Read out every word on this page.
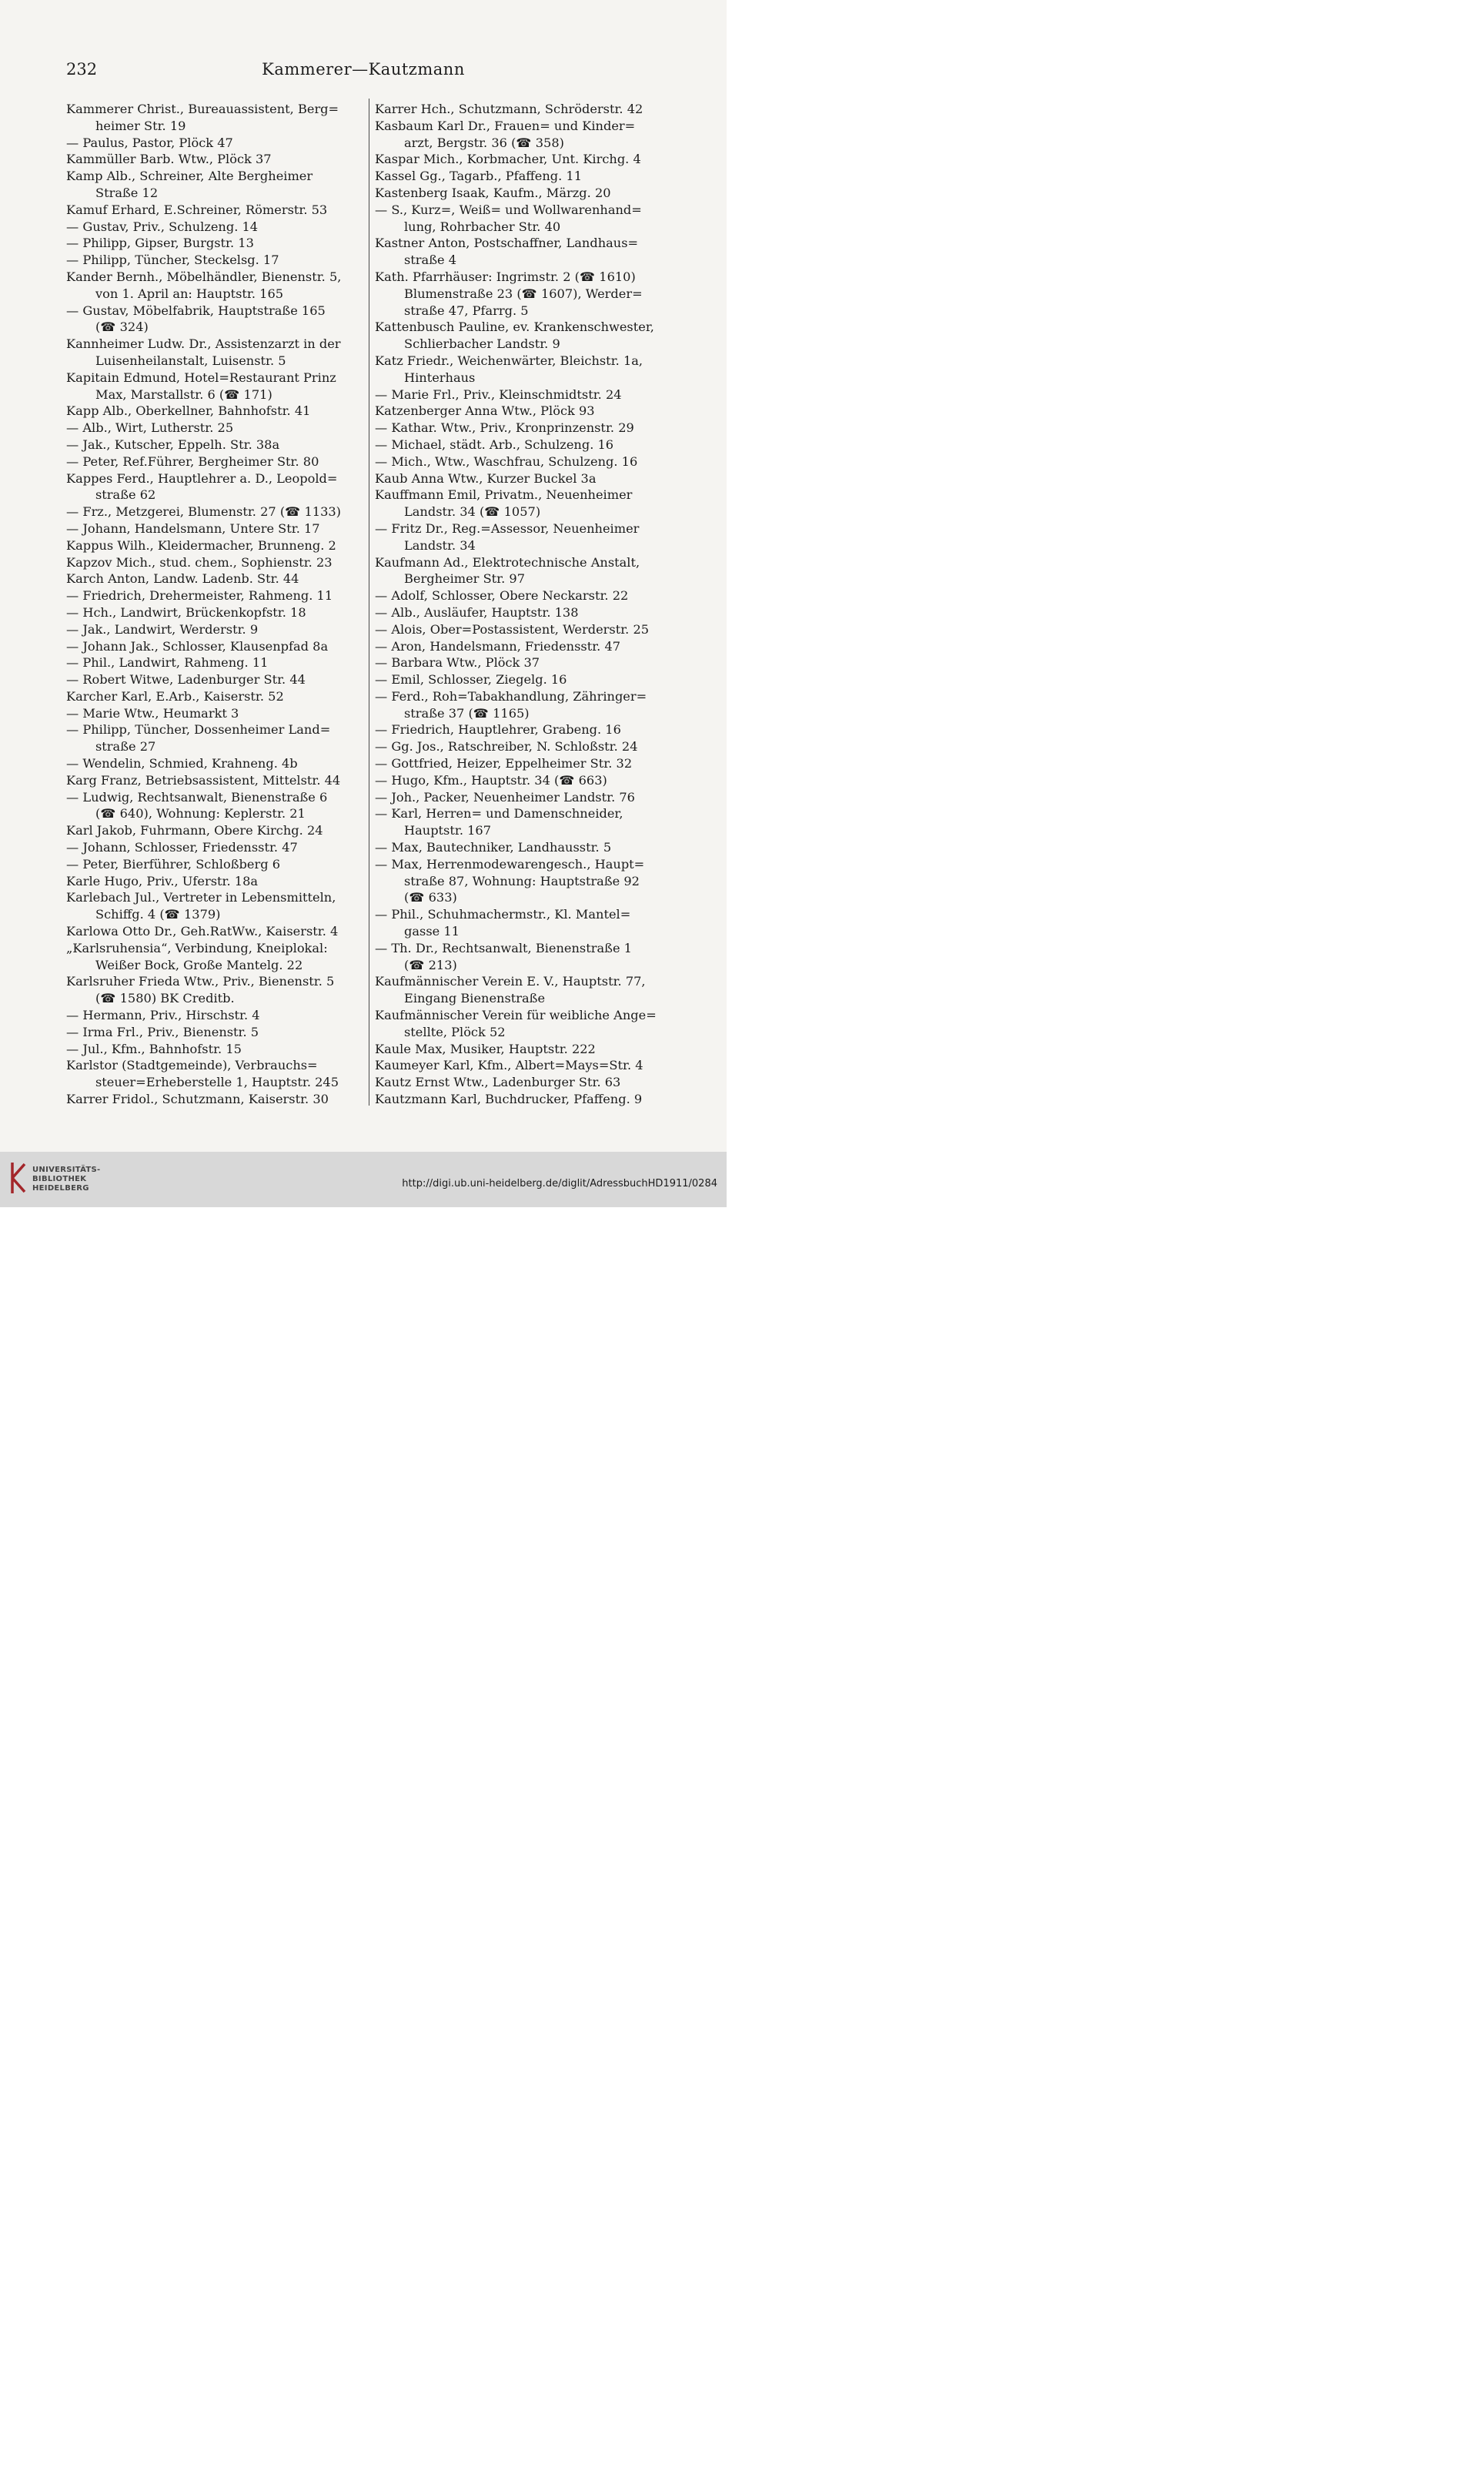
232	Kammerer—Kautzmann
Kammerer Christ., Bureauassistent, Berg=
heimer Str. 19
— Paulus, Pastor, Plöck 47
Kammüller Barb. Wtw., Plöck 37
Kamp Alb., Schreiner, Alte Bergheimer
Straße 12
Kamuf Erhard, E.Schreiner, Römerstr. 53
— Gustav, Priv., Schulzeng. 14
— Philipp, Gipser, Burgstr. 13
— Philipp, Tüncher, Steckelsg. 17
Kander Bernh., Möbelhändler, Bienenstr. 5,
von 1. April an: Hauptstr. 165
— Gustav, Möbelfabrik, Hauptstraße 165
(☎ 324)
Kannheimer Ludw. Dr., Assistenzarzt in der
Luisenheilanstalt, Luisenstr. 5
Kapitain Edmund, Hotel=Restaurant Prinz
Max, Marstallstr. 6 (☎ 171)
Kapp Alb., Oberkellner, Bahnhofstr. 41
— Alb., Wirt, Lutherstr. 25
— Jak., Kutscher, Eppelh. Str. 38a
— Peter, Ref.Führer, Bergheimer Str. 80
Kappes Ferd., Hauptlehrer a. D., Leopold=
straße 62
— Frz., Metzgerei, Blumenstr. 27 (☎ 1133)
— Johann, Handelsmann, Untere Str. 17
Kappus Wilh., Kleidermacher, Brunneng. 2
Kapzov Mich., stud. chem., Sophienstr. 23
Karch Anton, Landw. Ladenb. Str. 44
— Friedrich, Drehermeister, Rahmeng. 11
— Hch., Landwirt, Brückenkopfstr. 18
— Jak., Landwirt, Werderstr. 9
— Johann Jak., Schlosser, Klausenpfad 8a
— Phil., Landwirt, Rahmeng. 11
— Robert Witwe, Ladenburger Str. 44
Karcher Karl, E.Arb., Kaiserstr. 52
— Marie Wtw., Heumarkt 3
— Philipp, Tüncher, Dossenheimer Land=
straße 27
— Wendelin, Schmied, Krahneng. 4b
Karg Franz, Betriebsassistent, Mittelstr. 44
— Ludwig, Rechtsanwalt, Bienenstraße 6
(☎ 640), Wohnung: Keplerstr. 21
Karl Jakob, Fuhrmann, Obere Kirchg. 24
— Johann, Schlosser, Friedensstr. 47
— Peter, Bierführer, Schloßberg 6
Karle Hugo, Priv., Uferstr. 18a
Karlebach Jul., Vertreter in Lebensmitteln,
Schiffg. 4 (☎ 1379)
Karlowa Otto Dr., Geh.RatWw., Kaiserstr. 4
„Karlsruhensia“, Verbindung, Kneiplokal:
Weißer Bock, Große Mantelg. 22
Karlsruher Frieda Wtw., Priv., Bienenstr. 5
(☎ 1580) BK Creditb.
— Hermann, Priv., Hirschstr. 4
— Irma Frl., Priv., Bienenstr. 5
— Jul., Kfm., Bahnhofstr. 15
Karlstor (Stadtgemeinde), Verbrauchs=
steuer=Erheberstelle 1, Hauptstr. 245
Karrer Fridol., Schutzmann, Kaiserstr. 30
Karrer Hch., Schutzmann, Schröderstr. 42
Kasbaum Karl Dr., Frauen= und Kinder=
arzt, Bergstr. 36 (☎ 358)
Kaspar Mich., Korbmacher, Unt. Kirchg. 4
Kassel Gg., Tagarb., Pfaffeng. 11
Kastenberg Isaak, Kaufm., Märzg. 20
— S., Kurz=, Weiß= und Wollwarenhand=
lung, Rohrbacher Str. 40
Kastner Anton, Postschaffner, Landhaus=
straße 4
Kath. Pfarrhäuser: Ingrimstr. 2 (☎ 1610)
Blumenstraße 23 (☎ 1607), Werder=
straße 47, Pfarrg. 5
Kattenbusch Pauline, ev. Krankenschwester,
Schlierbacher Landstr. 9
Katz Friedr., Weichenwärter, Bleichstr. 1a,
Hinterhaus
— Marie Frl., Priv., Kleinschmidtstr. 24
Katzenberger Anna Wtw., Plöck 93
— Kathar. Wtw., Priv., Kronprinzenstr. 29
— Michael, städt. Arb., Schulzeng. 16
— Mich., Wtw., Waschfrau, Schulzeng. 16
Kaub Anna Wtw., Kurzer Buckel 3a
Kauffmann Emil, Privatm., Neuenheimer
Landstr. 34 (☎ 1057)
— Fritz Dr., Reg.=Assessor, Neuenheimer
Landstr. 34
Kaufmann Ad., Elektrotechnische Anstalt,
Bergheimer Str. 97
— Adolf, Schlosser, Obere Neckarstr. 22
— Alb., Ausläufer, Hauptstr. 138
— Alois, Ober=Postassistent, Werderstr. 25
— Aron, Handelsmann, Friedensstr. 47
— Barbara Wtw., Plöck 37
— Emil, Schlosser, Ziegelg. 16
— Ferd., Roh=Tabakhandlung, Zähringer=
straße 37 (☎ 1165)
— Friedrich, Hauptlehrer, Grabeng. 16
— Gg. Jos., Ratschreiber, N. Schloßstr. 24
— Gottfried, Heizer, Eppelheimer Str. 32
— Hugo, Kfm., Hauptstr. 34 (☎ 663)
— Joh., Packer, Neuenheimer Landstr. 76
— Karl, Herren= und Damenschneider,
Hauptstr. 167
— Max, Bautechniker, Landhausstr. 5
— Max, Herrenmodewarengesch., Haupt=
straße 87, Wohnung: Hauptstraße 92
(☎ 633)
— Phil., Schuhmachermstr., Kl. Mantel=
gasse 11
— Th. Dr., Rechtsanwalt, Bienenstraße 1
(☎ 213)
Kaufmännischer Verein E. V., Hauptstr. 77,
Eingang Bienenstraße
Kaufmännischer Verein für weibliche Ange=
stellte, Plöck 52
Kaule Max, Musiker, Hauptstr. 222
Kaumeyer Karl, Kfm., Albert=Mays=Str. 4
Kautz Ernst Wtw., Ladenburger Str. 63
Kautzmann Karl, Buchdrucker, Pfaffeng. 9
UNIVERSITÄTS-
BIBLIOTHEK
HEIDELBERG	http://digi.ub.uni-heidelberg.de/diglit/AdressbuchHD1911/0284
